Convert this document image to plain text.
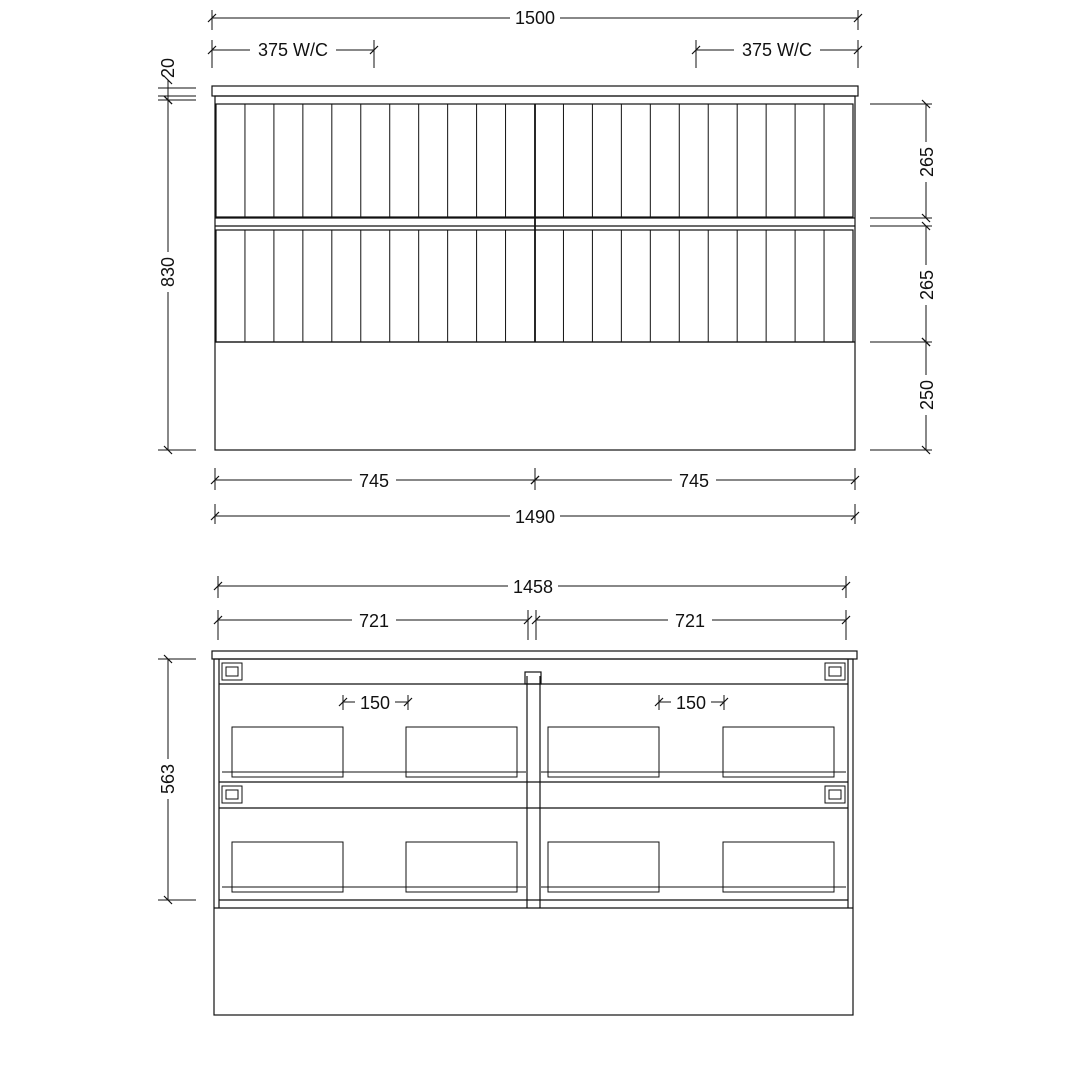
1500
375 W/C	375 W/C
20
830
265
265
250
745	745
1490
1458
721	721
150	150
563
